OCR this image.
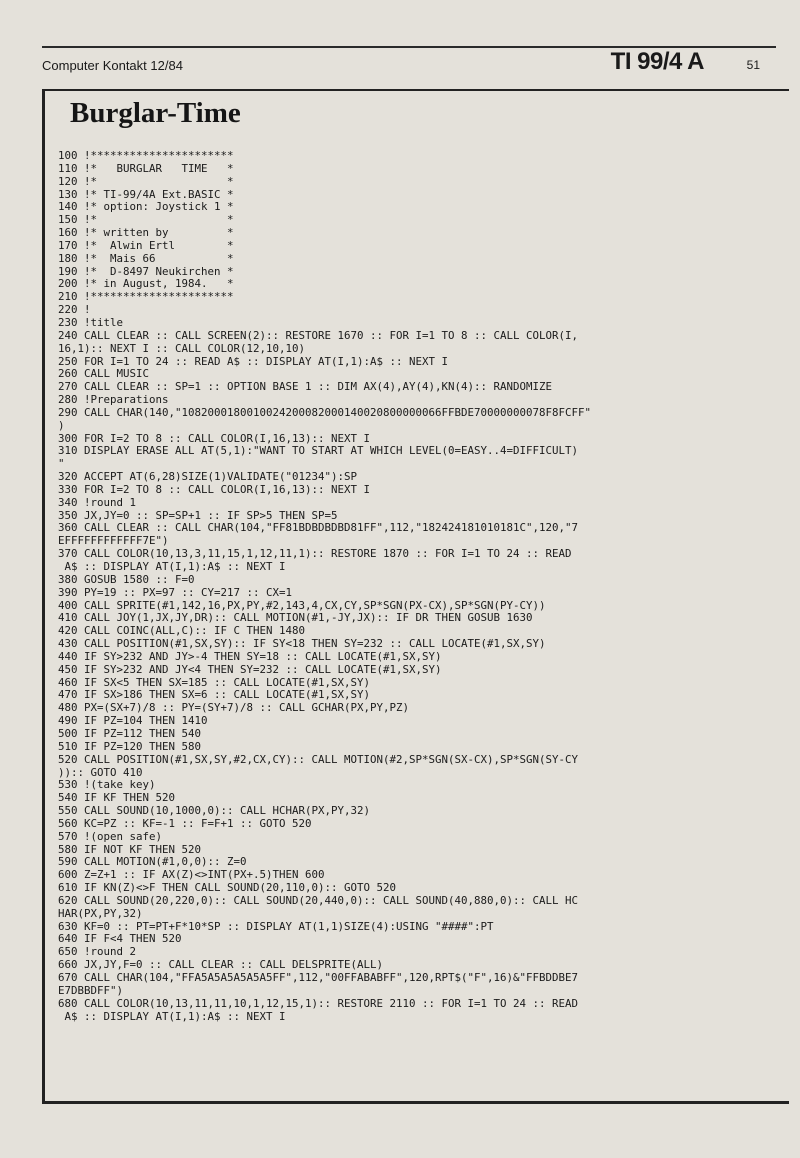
Computer Kontakt 12/84	TI 99/4 A	51
Burglar-Time
100 !**********************
110 !*   BURGLAR   TIME   *
120 !*                    *
130 !* TI-99/4A Ext.BASIC *
140 !* option: Joystick 1 *
150 !*                    *
160 !* written by         *
170 !*  Alwin Ertl        *
180 !*  Mais 66           *
190 !*  D-8497 Neukirchen *
200 !* in August, 1984.   *
210 !**********************
220 !
230 !title
240 CALL CLEAR :: CALL SCREEN(2):: RESTORE 1670 :: FOR I=1 TO 8 :: CALL COLOR(I,
16,1):: NEXT I :: CALL COLOR(12,10,10)
250 FOR I=1 TO 24 :: READ A$ :: DISPLAY AT(I,1):A$ :: NEXT I
260 CALL MUSIC
270 CALL CLEAR :: SP=1 :: OPTION BASE 1 :: DIM AX(4),AY(4),KN(4):: RANDOMIZE
280 !Preparations
290 CALL CHAR(140,"1082000180010024200082000140020800000066FFBDE70000000078F8FCFF"
)
300 FOR I=2 TO 8 :: CALL COLOR(I,16,13):: NEXT I
310 DISPLAY ERASE ALL AT(5,1):"WANT TO START AT WHICH LEVEL(0=EASY..4=DIFFICULT)
"
320 ACCEPT AT(6,28)SIZE(1)VALIDATE("01234"):SP
330 FOR I=2 TO 8 :: CALL COLOR(I,16,13):: NEXT I
340 !round 1
350 JX,JY=0 :: SP=SP+1 :: IF SP>5 THEN SP=5
360 CALL CLEAR :: CALL CHAR(104,"FF81BDBDBDBD81FF",112,"182424181010181C",120,"7
EFFFFFFFFFFFF7E")
370 CALL COLOR(10,13,3,11,15,1,12,11,1):: RESTORE 1870 :: FOR I=1 TO 24 :: READ
A$ :: DISPLAY AT(I,1):A$ :: NEXT I
380 GOSUB 1580 :: F=0
390 PY=19 :: PX=97 :: CY=217 :: CX=1
400 CALL SPRITE(#1,142,16,PX,PY,#2,143,4,CX,CY,SP*SGN(PX-CX),SP*SGN(PY-CY))
410 CALL JOY(1,JX,JY,DR):: CALL MOTION(#1,-JY,JX):: IF DR THEN GOSUB 1630
420 CALL COINC(ALL,C):: IF C THEN 1480
430 CALL POSITION(#1,SX,SY):: IF SY<18 THEN SY=232 :: CALL LOCATE(#1,SX,SY)
440 IF SY>232 AND JY>-4 THEN SY=18 :: CALL LOCATE(#1,SX,SY)
450 IF SY>232 AND JY<4 THEN SY=232 :: CALL LOCATE(#1,SX,SY)
460 IF SX<5 THEN SX=185 :: CALL LOCATE(#1,SX,SY)
470 IF SX>186 THEN SX=6 :: CALL LOCATE(#1,SX,SY)
480 PX=(SX+7)/8 :: PY=(SY+7)/8 :: CALL GCHAR(PX,PY,PZ)
490 IF PZ=104 THEN 1410
500 IF PZ=112 THEN 540
510 IF PZ=120 THEN 580
520 CALL POSITION(#1,SX,SY,#2,CX,CY):: CALL MOTION(#2,SP*SGN(SX-CX),SP*SGN(SY-CY
)):: GOTO 410
530 !(take key)
540 IF KF THEN 520
550 CALL SOUND(10,1000,0):: CALL HCHAR(PX,PY,32)
560 KC=PZ :: KF=-1 :: F=F+1 :: GOTO 520
570 !(open safe)
580 IF NOT KF THEN 520
590 CALL MOTION(#1,0,0):: Z=0
600 Z=Z+1 :: IF AX(Z)<>INT(PX+.5)THEN 600
610 IF KN(Z)<>F THEN CALL SOUND(20,110,0):: GOTO 520
620 CALL SOUND(20,220,0):: CALL SOUND(20,440,0):: CALL SOUND(40,880,0):: CALL HC
HAR(PX,PY,32)
630 KF=0 :: PT=PT+F*10*SP :: DISPLAY AT(1,1)SIZE(4):USING "####":PT
640 IF F<4 THEN 520
650 !round 2
660 JX,JY,F=0 :: CALL CLEAR :: CALL DELSPRITE(ALL)
670 CALL CHAR(104,"FFA5A5A5A5A5A5FF",112,"00FFABABFF",120,RPT$("F",16)&"FFBDDBE7
E7DBBDFF")
680 CALL COLOR(10,13,11,11,10,1,12,15,1):: RESTORE 2110 :: FOR I=1 TO 24 :: READ
A$ :: DISPLAY AT(I,1):A$ :: NEXT I
